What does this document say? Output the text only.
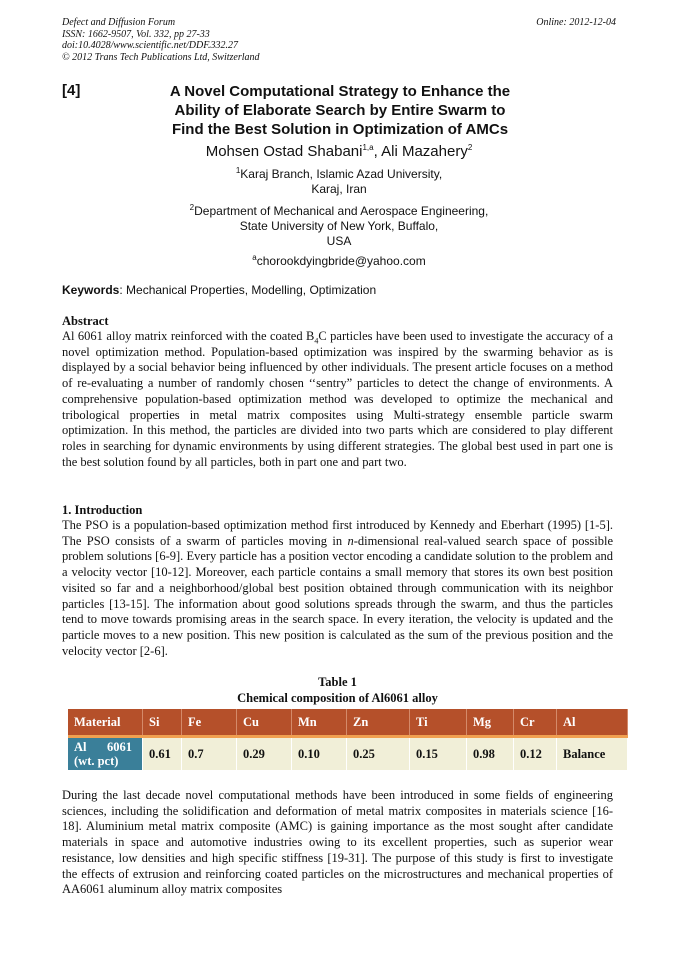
Defect and Diffusion Forum
ISSN: 1662-9507, Vol. 332, pp 27-33
doi:10.4028/www.scientific.net/DDF.332.27
© 2012 Trans Tech Publications Ltd, Switzerland
Online: 2012-12-04
[4]	A Novel Computational Strategy to Enhance the
Ability of Elaborate Search by Entire Swarm to
Find the Best Solution in Optimization of AMCs
Mohsen Ostad Shabani$^{1,a}$, Ali Mazahery$^2$
$^1$Karaj Branch, Islamic Azad University,
Karaj, Iran
$^2$Department of Mechanical and Aerospace Engineering,
State University of New York, Buffalo,
USA
$^a$chorookdyingbride@yahoo.com
Keywords: Mechanical Properties, Modelling, Optimization
Abstract
Al 6061 alloy matrix reinforced with the coated $B_4C$ particles have been used to investigate the accuracy of a novel optimization method. Population-based optimization was inspired by the swarming behavior as is displayed by a social behavior being influenced by other individuals. The present article focuses on a method of re-evaluating a number of randomly chosen ‘‘sentry” particles to detect the change of environments. A comprehensive population-based optimization method was developed to optimize the mechanical and tribological properties in metal matrix composites using Multi-strategy ensemble particle swarm optimization. In this method, the particles are divided into two parts which are considered to play different roles in searching for dynamic environments by using different strategies. The global best used in part one is the best solution found by all particles, both in part one and part two.
1. Introduction
The PSO is a population-based optimization method first introduced by Kennedy and Eberhart (1995) [1-5]. The PSO consists of a swarm of particles moving in n-dimensional real-valued search space of possible problem solutions [6-9]. Every particle has a position vector encoding a candidate solution to the problem and a velocity vector [10-12]. Moreover, each particle contains a small memory that stores its own best position visited so far and a neighborhood/global best position obtained through communication with its neighbor particles [13-15]. The information about good solutions spreads through the swarm, and thus the particles tend to move towards promising areas in the search space. In every iteration, the velocity is updated and the particle moves to a new position. This new position is calculated as the sum of the previous position and the velocity vector [2-6].
Table 1
Chemical composition of Al6061 alloy
Material	Si	Fe	Cu	Mn	Zn	Ti	Mg	Cr	Al

Al 6061
(wt. pct)	0.61	0.7	0.29	0.10	0.25	0.15	0.98	0.12	Balance
During the last decade novel computational methods have been introduced in some fields of engineering sciences, including the solidification and deformation of metal matrix composites in materials science [16-18]. Aluminium metal matrix composite (AMC) is gaining importance as the most sought after candidate materials in space and automotive industries owing to its excellent properties, such as superior wear resistance, low densities and high specific stiffness [19-31]. The purpose of this study is first to investigate the effects of extrusion and reinforcing coated particles on the microstructures and mechanical properties of AA6061 aluminum alloy matrix composites
